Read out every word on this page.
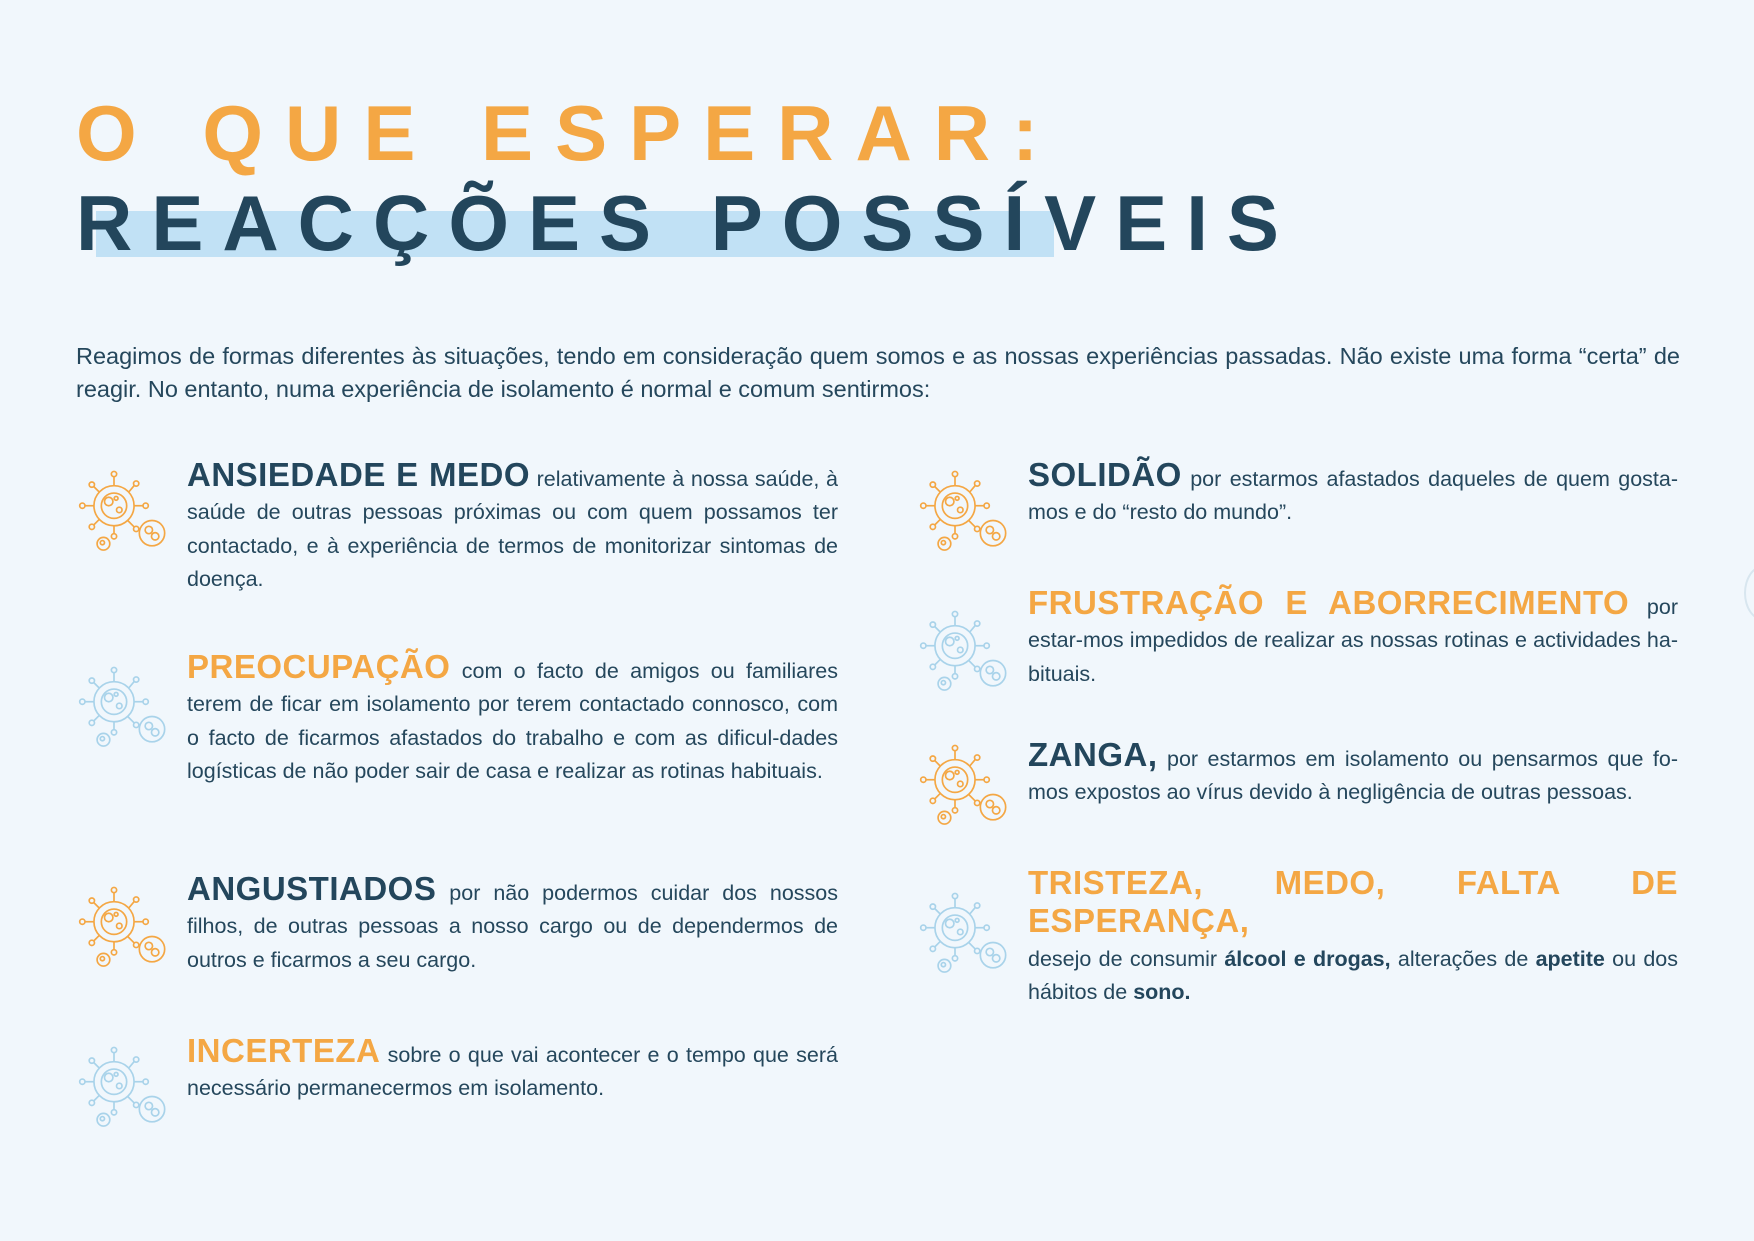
O QUE ESPERAR:
REACÇÕES POSSÍVEIS

Reagimos de formas diferentes às situações, tendo em consideração quem somos e as nossas experiências passadas. Não existe uma forma “certa” de reagir. No entanto, numa experiência de isolamento é normal e comum sentirmos:

ANSIEDADE E MEDO relativamente à nossa saúde, à saúde de outras pessoas próximas ou com quem possamos ter contactado, e à experiência de termos de monitorizar sintomas de doença.
PREOCUPAÇÃO com o facto de amigos ou familiares terem de ficar em isolamento por terem contactado connosco, com o facto de ficarmos afastados do trabalho e com as dificul-dades logísticas de não poder sair de casa e realizar as rotinas habituais.
ANGUSTIADOS por não podermos cuidar dos nossos filhos, de outras pessoas a nosso cargo ou de dependermos de outros e ficarmos a seu cargo.
INCERTEZA sobre o que vai acontecer e o tempo que será necessário permanecermos em isolamento.
SOLIDÃO por estarmos afastados daqueles de quem gosta-mos e do “resto do mundo”.
FRUSTRAÇÃO E ABORRECIMENTO por estar-mos impedidos de realizar as nossas rotinas e actividades ha-bituais.
ZANGA, por estarmos em isolamento ou pensarmos que fo-mos expostos ao vírus devido à negligência de outras pessoas.
TRISTEZA, MEDO, FALTA DE ESPERANÇA,
desejo de consumir álcool e drogas, alterações de apetite ou dos hábitos de sono.
